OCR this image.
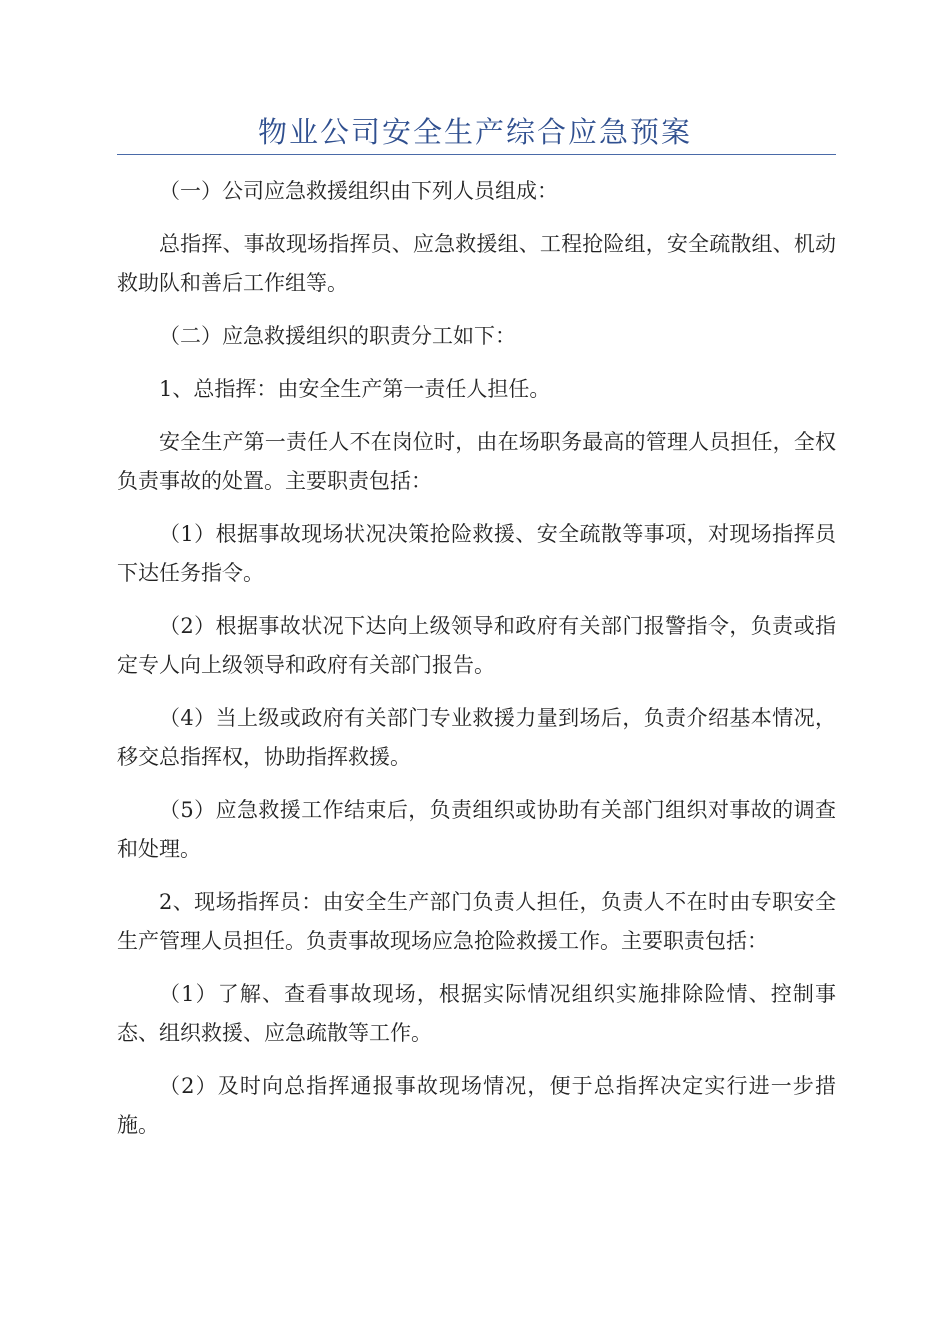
物业公司安全生产综合应急预案

（一）公司应急救援组织由下列人员组成：

总指挥、事故现场指挥员、应急救援组、工程抢险组，安全疏散组、机动救助队和善后工作组等。

（二）应急救援组织的职责分工如下：

1、总指挥：由安全生产第一责任人担任。

安全生产第一责任人不在岗位时，由在场职务最高的管理人员担任，全权负责事故的处置。主要职责包括：

（1）根据事故现场状况决策抢险救援、安全疏散等事项，对现场指挥员下达任务指令。

（2）根据事故状况下达向上级领导和政府有关部门报警指令，负责或指定专人向上级领导和政府有关部门报告。

（4）当上级或政府有关部门专业救援力量到场后，负责介绍基本情况，移交总指挥权，协助指挥救援。

（5）应急救援工作结束后，负责组织或协助有关部门组织对事故的调查和处理。

2、现场指挥员：由安全生产部门负责人担任，负责人不在时由专职安全生产管理人员担任。负责事故现场应急抢险救援工作。主要职责包括：

（1）了解、查看事故现场，根据实际情况组织实施排除险情、控制事态、组织救援、应急疏散等工作。

（2）及时向总指挥通报事故现场情况，便于总指挥决定实行进一步措施。
